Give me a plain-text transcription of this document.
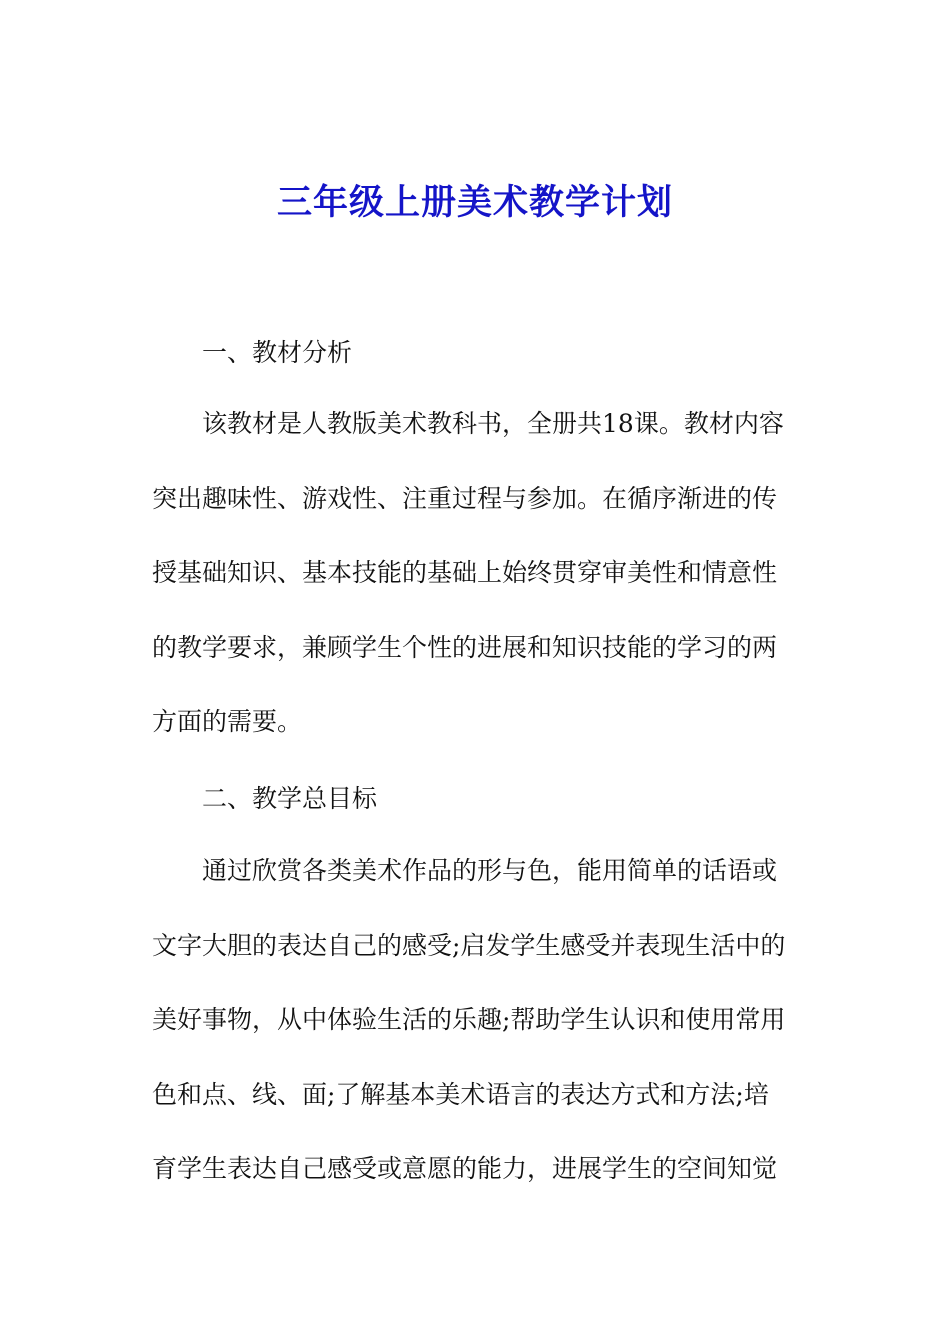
三年级上册美术教学计划
一、教材分析
该教材是人教版美术教科书，全册共18课。教材内容
突出趣味性、游戏性、注重过程与参加。在循序渐进的传
授基础知识、基本技能的基础上始终贯穿审美性和情意性
的教学要求，兼顾学生个性的进展和知识技能的学习的两
方面的需要。
二、教学总目标
通过欣赏各类美术作品的形与色，能用简单的话语或
文字大胆的表达自己的感受;启发学生感受并表现生活中的
美好事物，从中体验生活的乐趣;帮助学生认识和使用常用
色和点、线、面;了解基本美术语言的表达方式和方法;培
育学生表达自己感受或意愿的能力，进展学生的空间知觉
